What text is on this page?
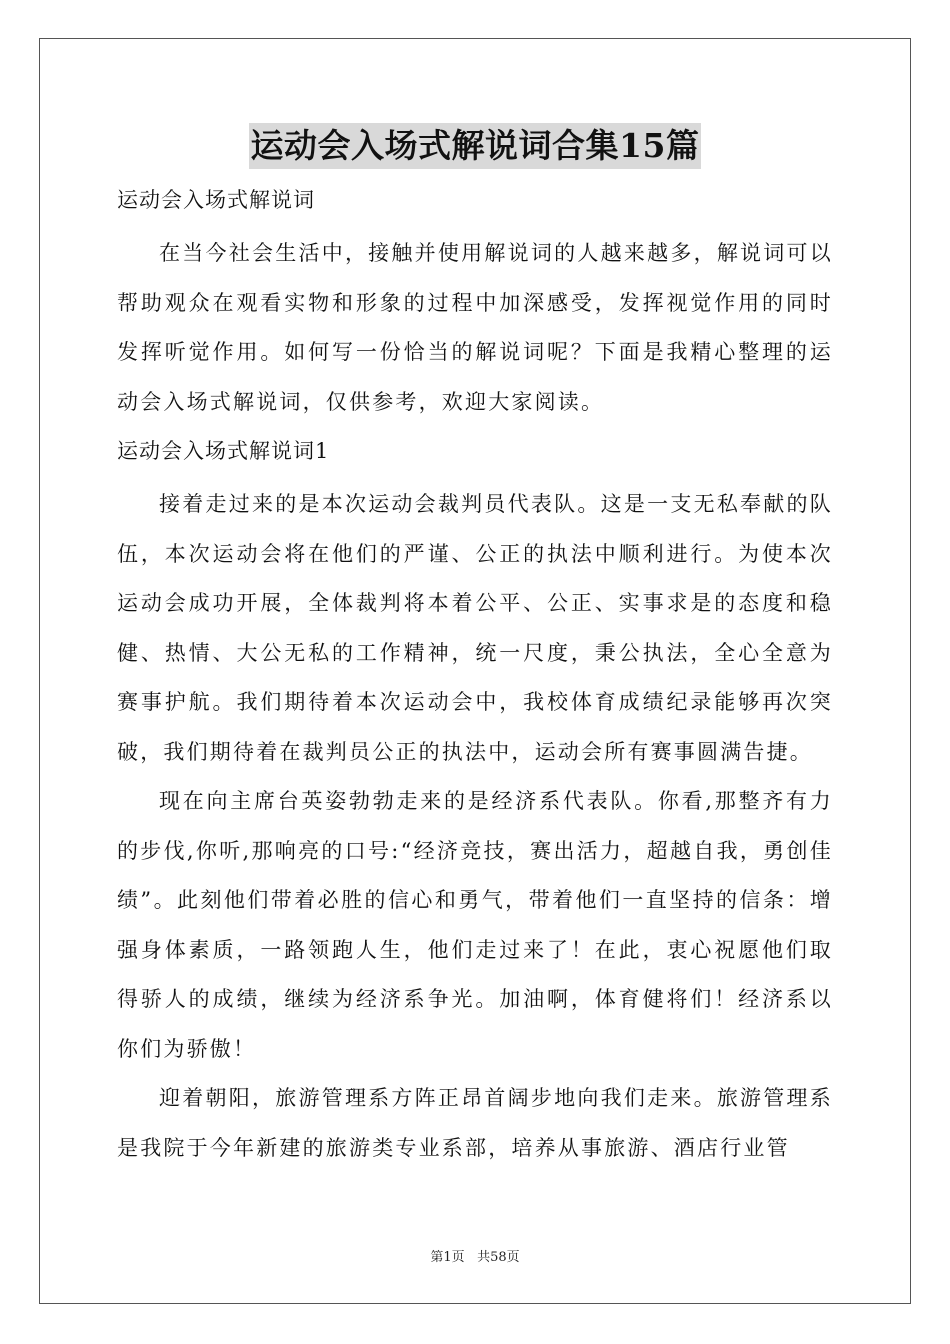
运动会入场式解说词合集15篇

运动会入场式解说词

在当今社会生活中，接触并使用解说词的人越来越多，解说词可以帮助观众在观看实物和形象的过程中加深感受，发挥视觉作用的同时发挥听觉作用。如何写一份恰当的解说词呢？下面是我精心整理的运动会入场式解说词，仅供参考，欢迎大家阅读。

运动会入场式解说词1

接着走过来的是本次运动会裁判员代表队。这是一支无私奉献的队伍，本次运动会将在他们的严谨、公正的执法中顺利进行。为使本次运动会成功开展，全体裁判将本着公平、公正、实事求是的态度和稳健、热情、大公无私的工作精神，统一尺度，秉公执法，全心全意为赛事护航。我们期待着本次运动会中，我校体育成绩纪录能够再次突破，我们期待着在裁判员公正的执法中，运动会所有赛事圆满告捷。

现在向主席台英姿勃勃走来的是经济系代表队。你看,那整齐有力的步伐,你听,那响亮的口号:“经济竞技，赛出活力，超越自我，勇创佳绩”。此刻他们带着必胜的信心和勇气，带着他们一直坚持的信条：增强身体素质，一路领跑人生，他们走过来了！在此，衷心祝愿他们取得骄人的成绩，继续为经济系争光。加油啊，体育健将们！经济系以你们为骄傲！

迎着朝阳，旅游管理系方阵正昂首阔步地向我们走来。旅游管理系是我院于今年新建的旅游类专业系部，培养从事旅游、酒店行业管

第1页 共58页
